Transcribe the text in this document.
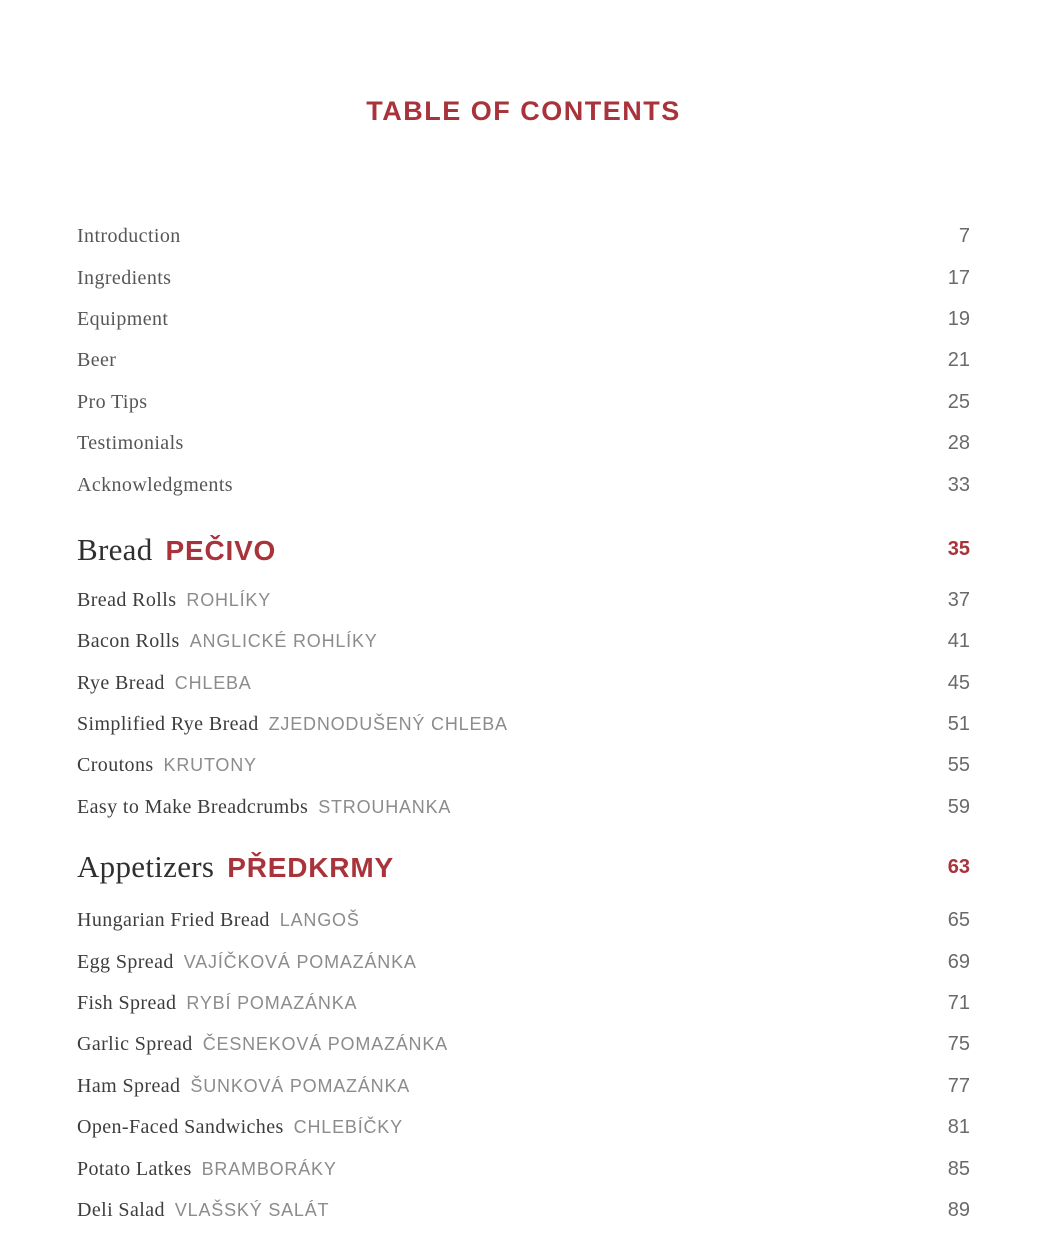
TABLE OF CONTENTS
Introduction	7
Ingredients	17
Equipment	19
Beer	21
Pro Tips	25
Testimonials	28
Acknowledgments	33
Bread PEČIVO	35
Bread Rolls ROHLÍKY	37
Bacon Rolls ANGLICKÉ ROHLÍKY	41
Rye Bread CHLEBA	45
Simplified Rye Bread ZJEDNODUŠENÝ CHLEBA	51
Croutons KRUTONY	55
Easy to Make Breadcrumbs STROUHANKA	59
Appetizers PŘEDKRMY	63
Hungarian Fried Bread LANGOŠ	65
Egg Spread VAJÍČKOVÁ POMAZÁNKA	69
Fish Spread RYBÍ POMAZÁNKA	71
Garlic Spread ČESNEKOVÁ POMAZÁNKA	75
Ham Spread ŠUNKOVÁ POMAZÁNKA	77
Open-Faced Sandwiches CHLEBÍČKY	81
Potato Latkes BRAMBORÁKY	85
Deli Salad VLAŠSKÝ SALÁT	89
